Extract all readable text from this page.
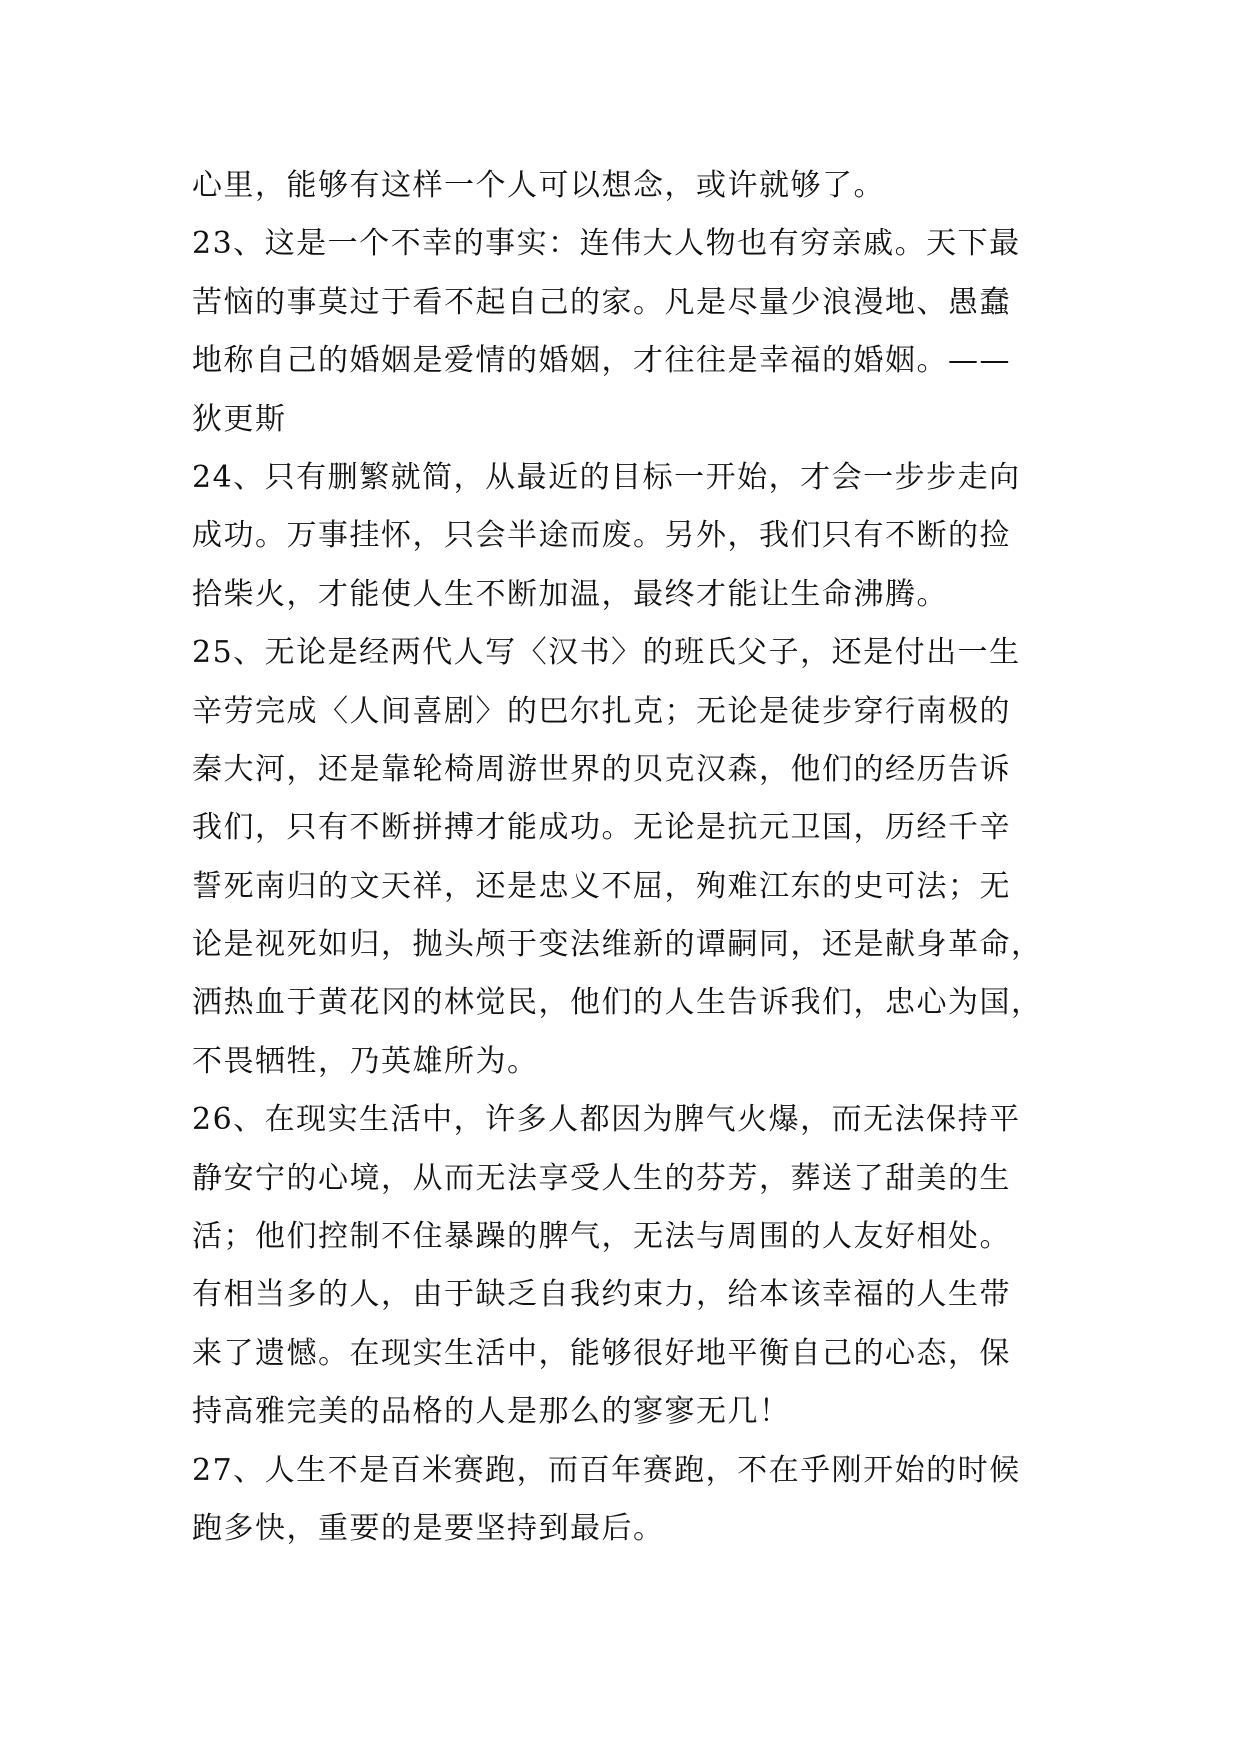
心里，能够有这样一个人可以想念，或许就够了。
23、这是一个不幸的事实：连伟大人物也有穷亲戚。天下最
苦恼的事莫过于看不起自己的家。凡是尽量少浪漫地、愚蠢
地称自己的婚姻是爱情的婚姻，才往往是幸福的婚姻。——
狄更斯
24、只有删繁就简，从最近的目标一开始，才会一步步走向
成功。万事挂怀，只会半途而废。另外，我们只有不断的捡
拾柴火，才能使人生不断加温，最终才能让生命沸腾。
25、无论是经两代人写〈汉书〉的班氏父子，还是付出一生
辛劳完成〈人间喜剧〉的巴尔扎克；无论是徒步穿行南极的
秦大河，还是靠轮椅周游世界的贝克汉森，他们的经历告诉
我们，只有不断拼搏才能成功。无论是抗元卫国，历经千辛
誓死南归的文天祥，还是忠义不屈，殉难江东的史可法；无
论是视死如归，抛头颅于变法维新的谭嗣同，还是献身革命，
洒热血于黄花冈的林觉民，他们的人生告诉我们，忠心为国，
不畏牺牲，乃英雄所为。
26、在现实生活中，许多人都因为脾气火爆，而无法保持平
静安宁的心境，从而无法享受人生的芬芳，葬送了甜美的生
活；他们控制不住暴躁的脾气，无法与周围的人友好相处。
有相当多的人，由于缺乏自我约束力，给本该幸福的人生带
来了遗憾。在现实生活中，能够很好地平衡自己的心态，保
持高雅完美的品格的人是那么的寥寥无几！
27、人生不是百米赛跑，而百年赛跑，不在乎刚开始的时候
跑多快，重要的是要坚持到最后。
